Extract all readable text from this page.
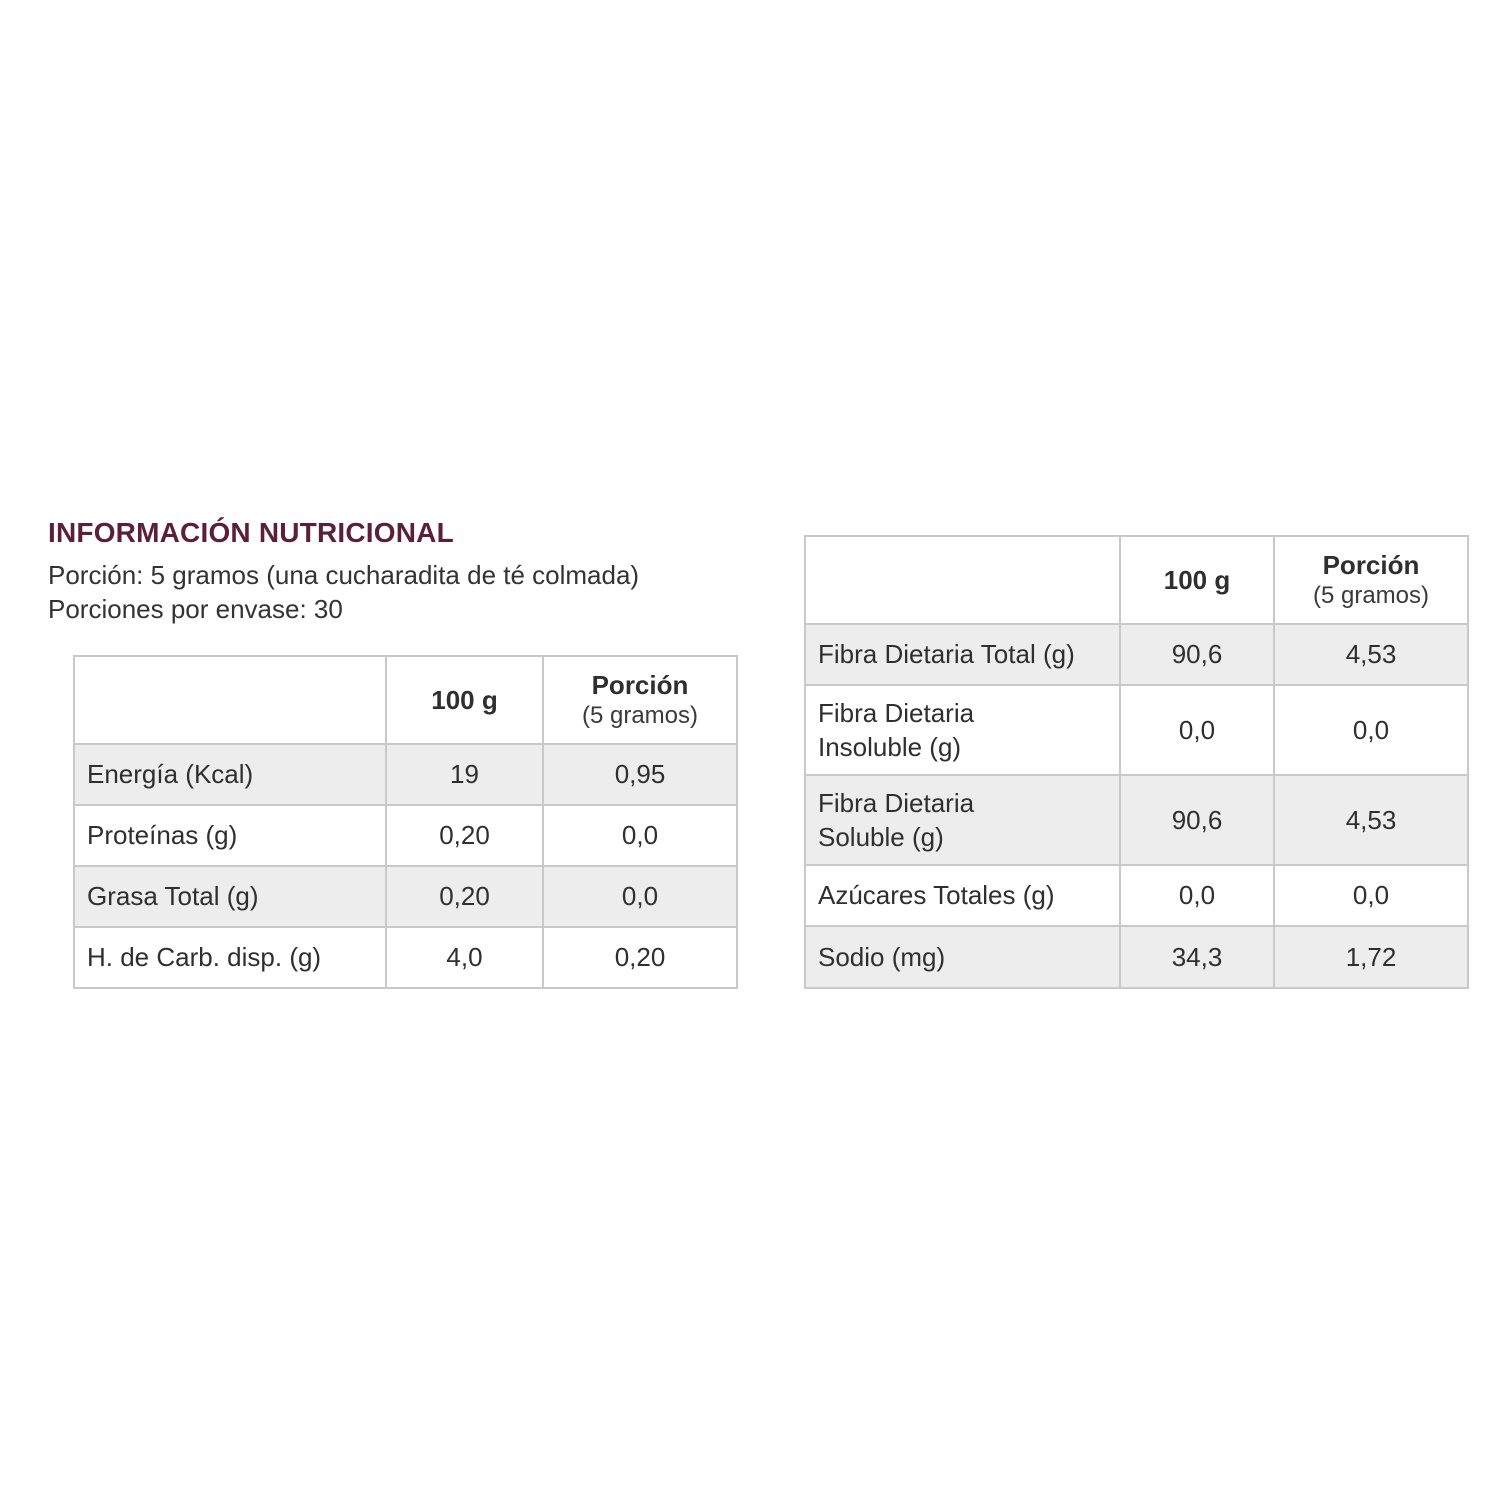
INFORMACIÓN NUTRICIONAL

Porción: 5 gramos (una cucharadita de té colmada)

Porciones por envase: 30

	100 g	Porción
(5 gramos)

Energía (Kcal)	19	0,95
Proteínas (g)	0,20	0,0
Grasa Total (g)	0,20	0,0
H. de Carb. disp. (g)	4,0	0,20

	100 g	Porción
(5 gramos)

Fibra Dietaria Total (g)	90,6	4,53

Fibra Dietaria
Insoluble (g)	0,0	0,0

Fibra Dietaria
Soluble (g)	90,6	4,53
Azúcares Totales (g)	0,0	0,0
Sodio (mg)	34,3	1,72
